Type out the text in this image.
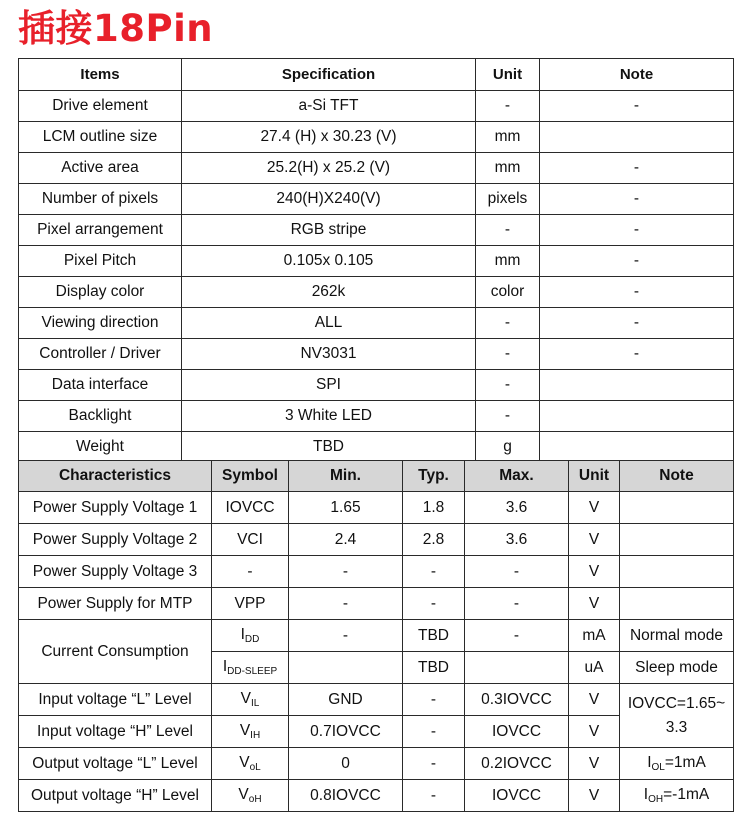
插接18Pin
Items	Specification	Unit	Note
Drive element	a-Si TFT	-	-
LCM outline size	27.4 (H) x 30.23 (V)	mm	
Active area	25.2(H) x 25.2 (V)	mm	-
Number of pixels	240(H)X240(V)	pixels	-
Pixel arrangement	RGB stripe	-	-
Pixel Pitch	0.105x 0.105	mm	-
Display color	262k	color	-
Viewing direction	ALL	-	-
Controller / Driver	NV3031	-	-
Data interface	SPI	-	
Backlight	3 White LED	-	
Weight	TBD	g	
Characteristics	Symbol	Min.	Typ.	Max.	Unit	Note
Power Supply Voltage 1	IOVCC	1.65	1.8	3.6	V	
Power Supply Voltage 2	VCI	2.4	2.8	3.6	V	
Power Supply Voltage 3	-	-	-	-	V	
Power Supply for MTP	VPP	-	-	-	V	
Current Consumption	$I_{DD}$	-	TBD	-	mA	Normal mode
	$I_{DD-SLEEP}$		TBD		uA	Sleep mode
Input voltage “L” Level	$V_{IL}$	GND	-	0.3IOVCC	V	IOVCC=1.65~ 3.3
Input voltage “H” Level	$V_{IH}$	0.7IOVCC	-	IOVCC	V	
Output voltage “L” Level	$V_{oL}$	0	-	0.2IOVCC	V	$I_{OL}=1mA$
Output voltage “H” Level	$V_{oH}$	0.8IOVCC	-	IOVCC	V	$I_{OH}=-1mA$
